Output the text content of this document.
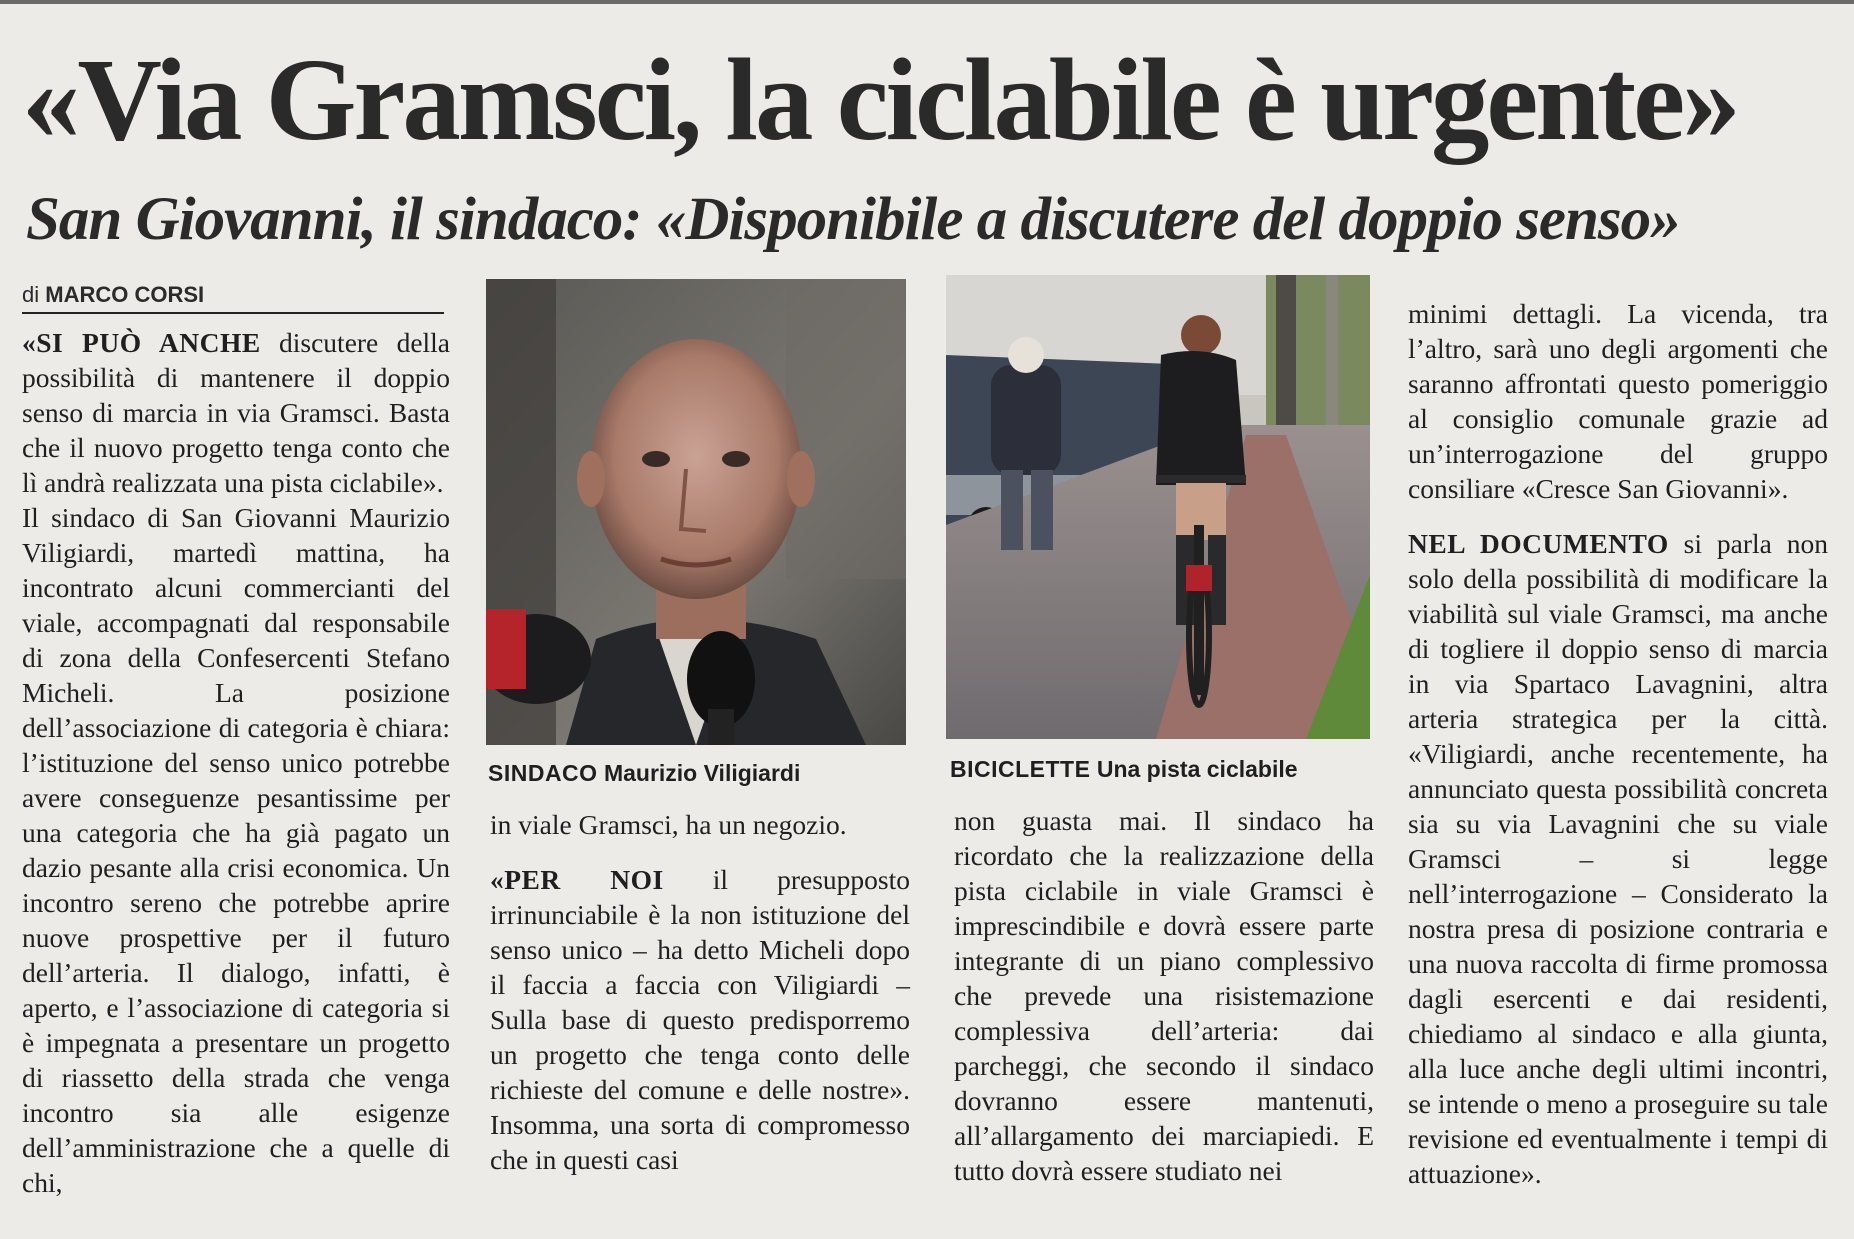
«Via Gramsci, la ciclabile è urgente»
San Giovanni, il sindaco: «Disponibile a discutere del doppio senso»
di MARCO CORSI

«SI PUÒ ANCHE discutere della possibilità di mantenere il doppio senso di marcia in via Gramsci. Basta che il nuovo progetto tenga conto che lì andrà realizzata una pista ciclabile».

Il sindaco di San Giovanni Maurizio Viligiardi, martedì mattina, ha incontrato alcuni commercianti del viale, accompagnati dal responsabile di zona della Confesercenti Stefano Micheli. La posizione dell’associazione di categoria è chiara: l’istituzione del senso unico potrebbe avere conseguenze pesantissime per una categoria che ha già pagato un dazio pesante alla crisi economica. Un incontro sereno che potrebbe aprire nuove prospettive per il futuro dell’arteria. Il dialogo, infatti, è aperto, e l’associazione di categoria si è impegnata a presentare un progetto di riassetto della strada che venga incontro sia alle esigenze dell’amministrazione che a quelle di chi,

SINDACO Maurizio Viligiardi

in viale Gramsci, ha un negozio.

«PER NOI il presupposto irrinunciabile è la non istituzione del senso unico – ha detto Micheli dopo il faccia a faccia con Viligiardi – Sulla base di questo predisporremo un progetto che tenga conto delle richieste del comune e delle nostre». Insomma, una sorta di compromesso che in questi casi

BICICLETTE Una pista ciclabile

non guasta mai. Il sindaco ha ricordato che la realizzazione della pista ciclabile in viale Gramsci è imprescindibile e dovrà essere parte integrante di un piano complessivo che prevede una risistemazione complessiva dell’arteria: dai parcheggi, che secondo il sindaco dovranno essere mantenuti, all’allargamento dei marciapiedi. E tutto dovrà essere studiato nei

minimi dettagli. La vicenda, tra l’altro, sarà uno degli argomenti che saranno affrontati questo pomeriggio al consiglio comunale grazie ad un’interrogazione del gruppo consiliare «Cresce San Giovanni».

NEL DOCUMENTO si parla non solo della possibilità di modificare la viabilità sul viale Gramsci, ma anche di togliere il doppio senso di marcia in via Spartaco Lavagnini, altra arteria strategica per la città. «Viligiardi, anche recentemente, ha annunciato questa possibilità concreta sia su via Lavagnini che su viale Gramsci – si legge nell’interrogazione – Considerato la nostra presa di posizione contraria e una nuova raccolta di firme promossa dagli esercenti e dai residenti, chiediamo al sindaco e alla giunta, alla luce anche degli ultimi incontri, se intende o meno a proseguire su tale revisione ed eventualmente i tempi di attuazione».
